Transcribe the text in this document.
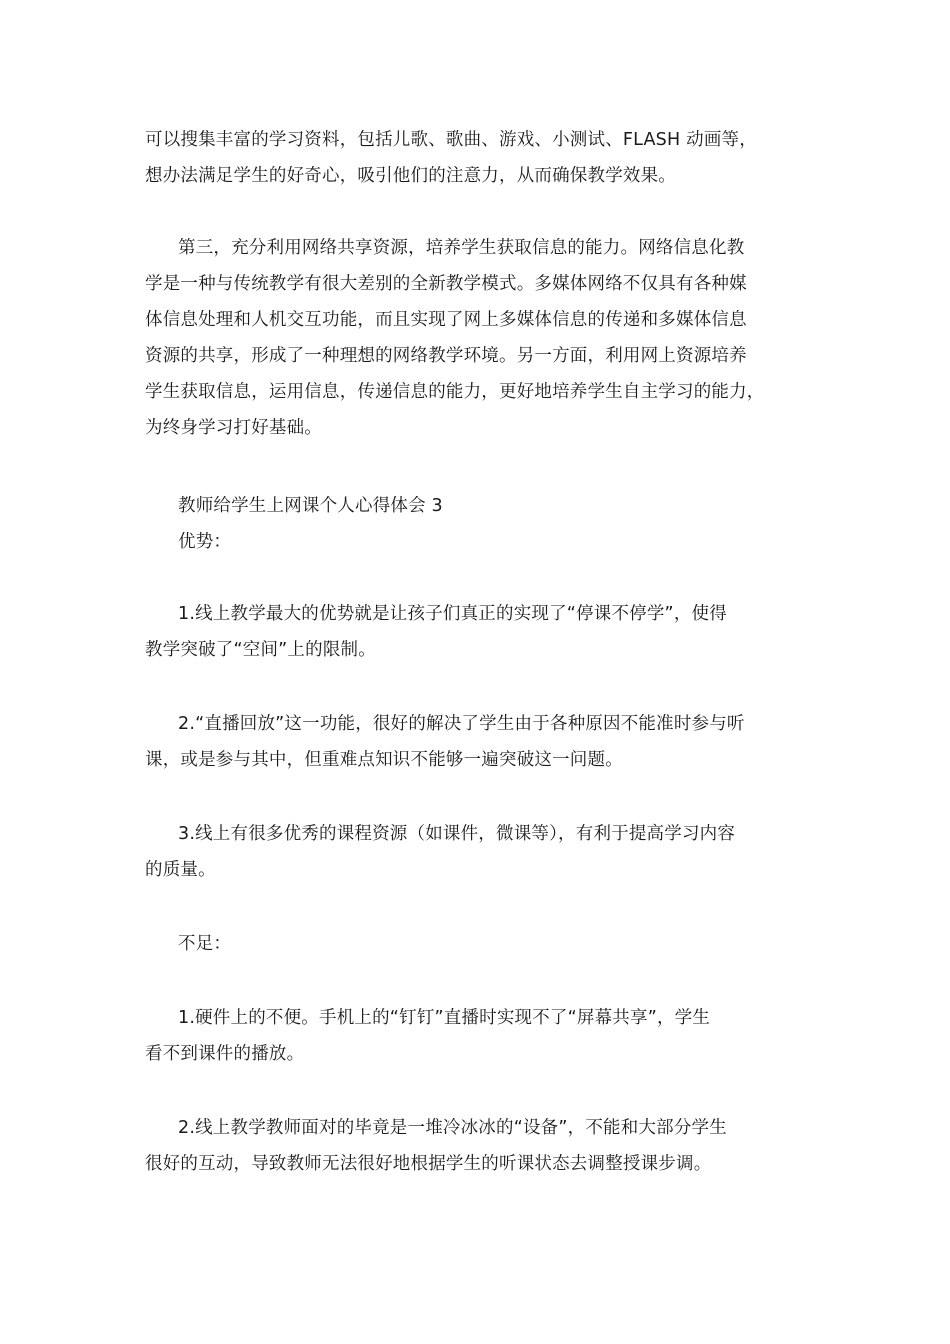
可以搜集丰富的学习资料，包括儿歌、歌曲、游戏、小测试、FLASH 动画等，
想办法满足学生的好奇心，吸引他们的注意力，从而确保教学效果。
第三，充分利用网络共享资源，培养学生获取信息的能力。网络信息化教
学是一种与传统教学有很大差别的全新教学模式。多媒体网络不仅具有各种媒
体信息处理和人机交互功能，而且实现了网上多媒体信息的传递和多媒体信息
资源的共享，形成了一种理想的网络教学环境。另一方面，利用网上资源培养
学生获取信息，运用信息，传递信息的能力，更好地培养学生自主学习的能力，
为终身学习打好基础。
教师给学生上网课个人心得体会 3
优势：
1.线上教学最大的优势就是让孩子们真正的实现了“停课不停学”，使得
教学突破了“空间”上的限制。
2.“直播回放”这一功能，很好的解决了学生由于各种原因不能准时参与听
课，或是参与其中，但重难点知识不能够一遍突破这一问题。
3.线上有很多优秀的课程资源（如课件，微课等），有利于提高学习内容
的质量。
不足：
1.硬件上的不便。手机上的“钉钉”直播时实现不了“屏幕共享”，学生
看不到课件的播放。
2.线上教学教师面对的毕竟是一堆冷冰冰的“设备”，不能和大部分学生
很好的互动，导致教师无法很好地根据学生的听课状态去调整授课步调。
